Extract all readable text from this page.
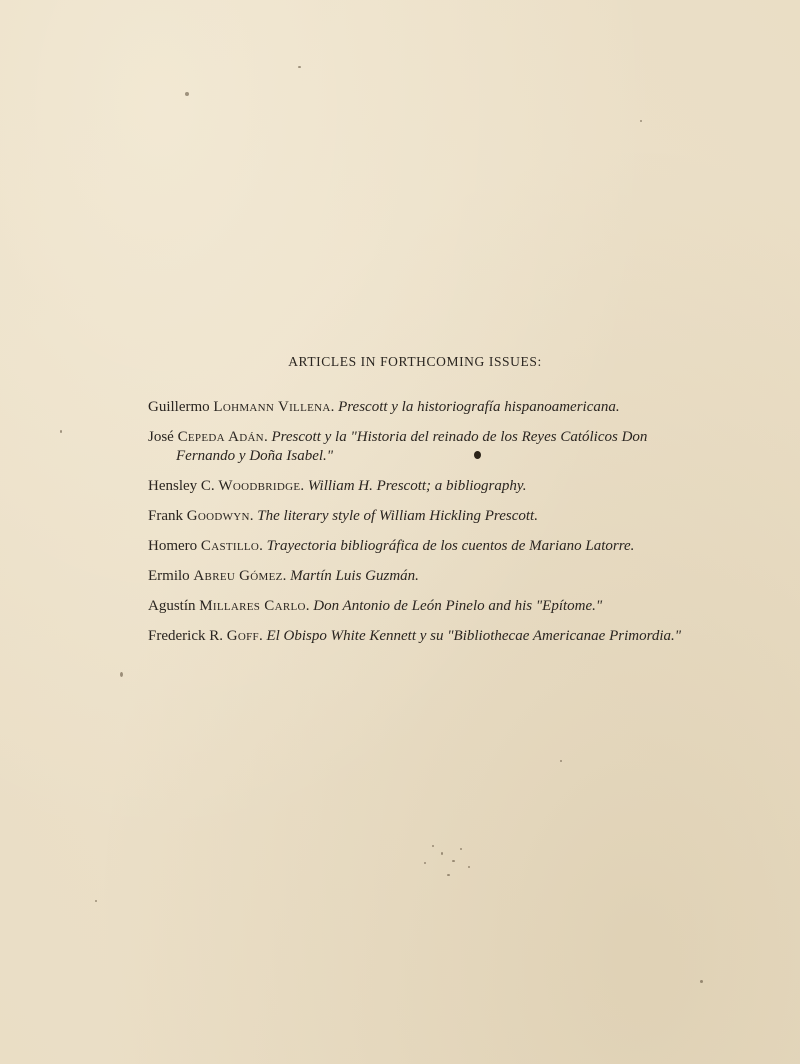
ARTICLES IN FORTHCOMING ISSUES:
Guillermo Lohmann Villena. Prescott y la historiografía hispanoamericana.
José Cepeda Adán. Prescott y la "Historia del reinado de los Reyes Católicos Don Fernando y Doña Isabel."
Hensley C. Woodbridge. William H. Prescott; a bibliography.
Frank Goodwyn. The literary style of William Hickling Prescott.
Homero Castillo. Trayectoria bibliográfica de los cuentos de Mariano Latorre.
Ermilo Abreu Gómez. Martín Luis Guzmán.
Agustín Millares Carlo. Don Antonio de León Pinelo and his "Epítome."
Frederick R. Goff. El Obispo White Kennett y su "Bibliothecae Americanae Primordia."
